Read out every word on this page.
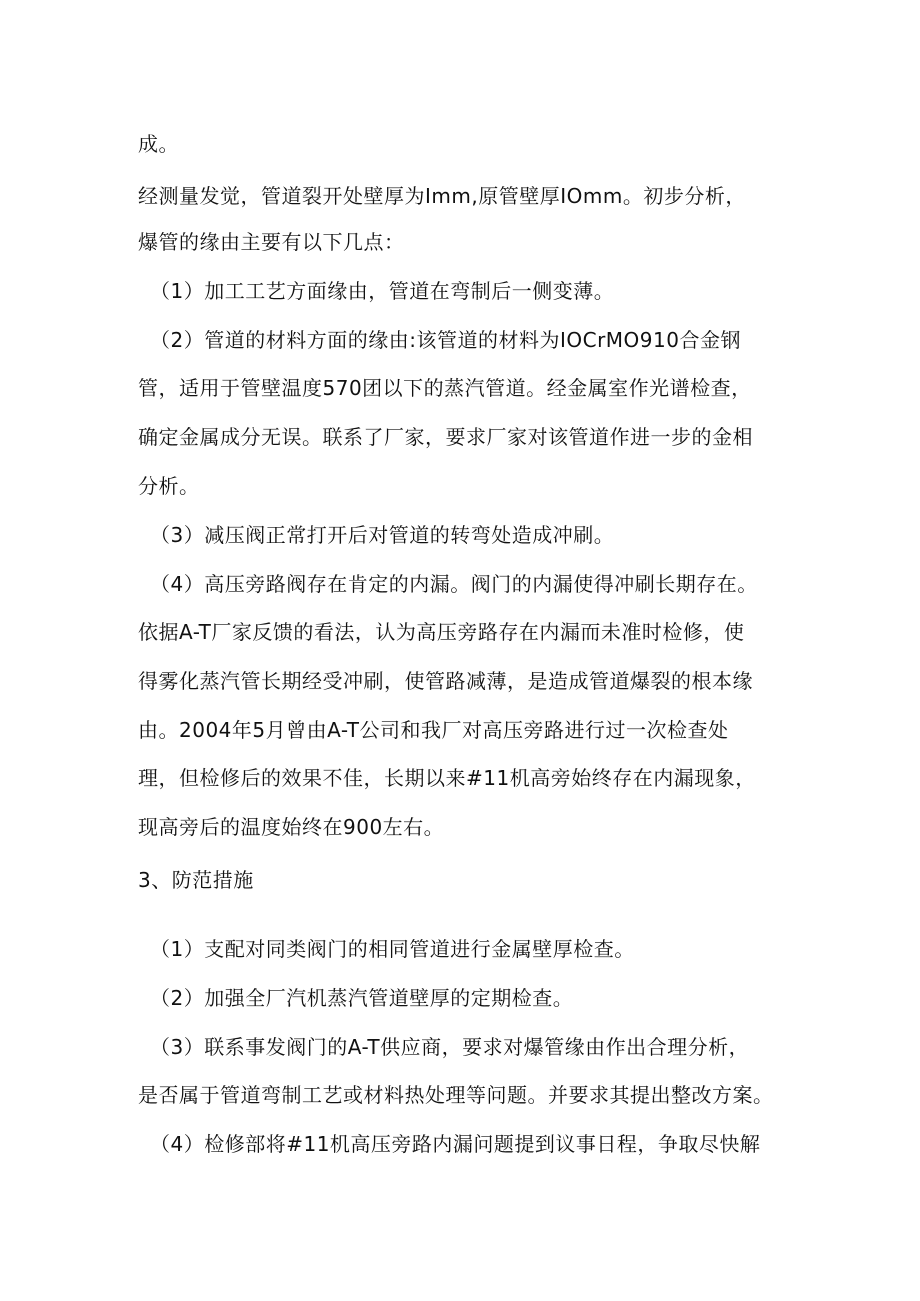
成。
经测量发觉，管道裂开处壁厚为Imm,原管壁厚IOmm。初步分析，
爆管的缘由主要有以下几点：
（1）加工工艺方面缘由，管道在弯制后一侧变薄。
（2）管道的材料方面的缘由:该管道的材料为IOCrMO910合金钢
管，适用于管壁温度570团以下的蒸汽管道。经金属室作光谱检查，
确定金属成分无误。联系了厂家，要求厂家对该管道作进一步的金相
分析。
（3）减压阀正常打开后对管道的转弯处造成冲刷。
（4）高压旁路阀存在肯定的内漏。阀门的内漏使得冲刷长期存在。
依据A-T厂家反馈的看法，认为高压旁路存在内漏而未准时检修，使
得雾化蒸汽管长期经受冲刷，使管路减薄，是造成管道爆裂的根本缘
由。2004年5月曾由A-T公司和我厂对高压旁路进行过一次检查处
理，但检修后的效果不佳，长期以来#11机高旁始终存在内漏现象，
现高旁后的温度始终在900左右。
3、防范措施
（1）支配对同类阀门的相同管道进行金属壁厚检查。
（2）加强全厂汽机蒸汽管道壁厚的定期检查。
（3）联系事发阀门的A-T供应商，要求对爆管缘由作出合理分析，
是否属于管道弯制工艺或材料热处理等问题。并要求其提出整改方案。
（4）检修部将#11机高压旁路内漏问题提到议事日程，争取尽快解
